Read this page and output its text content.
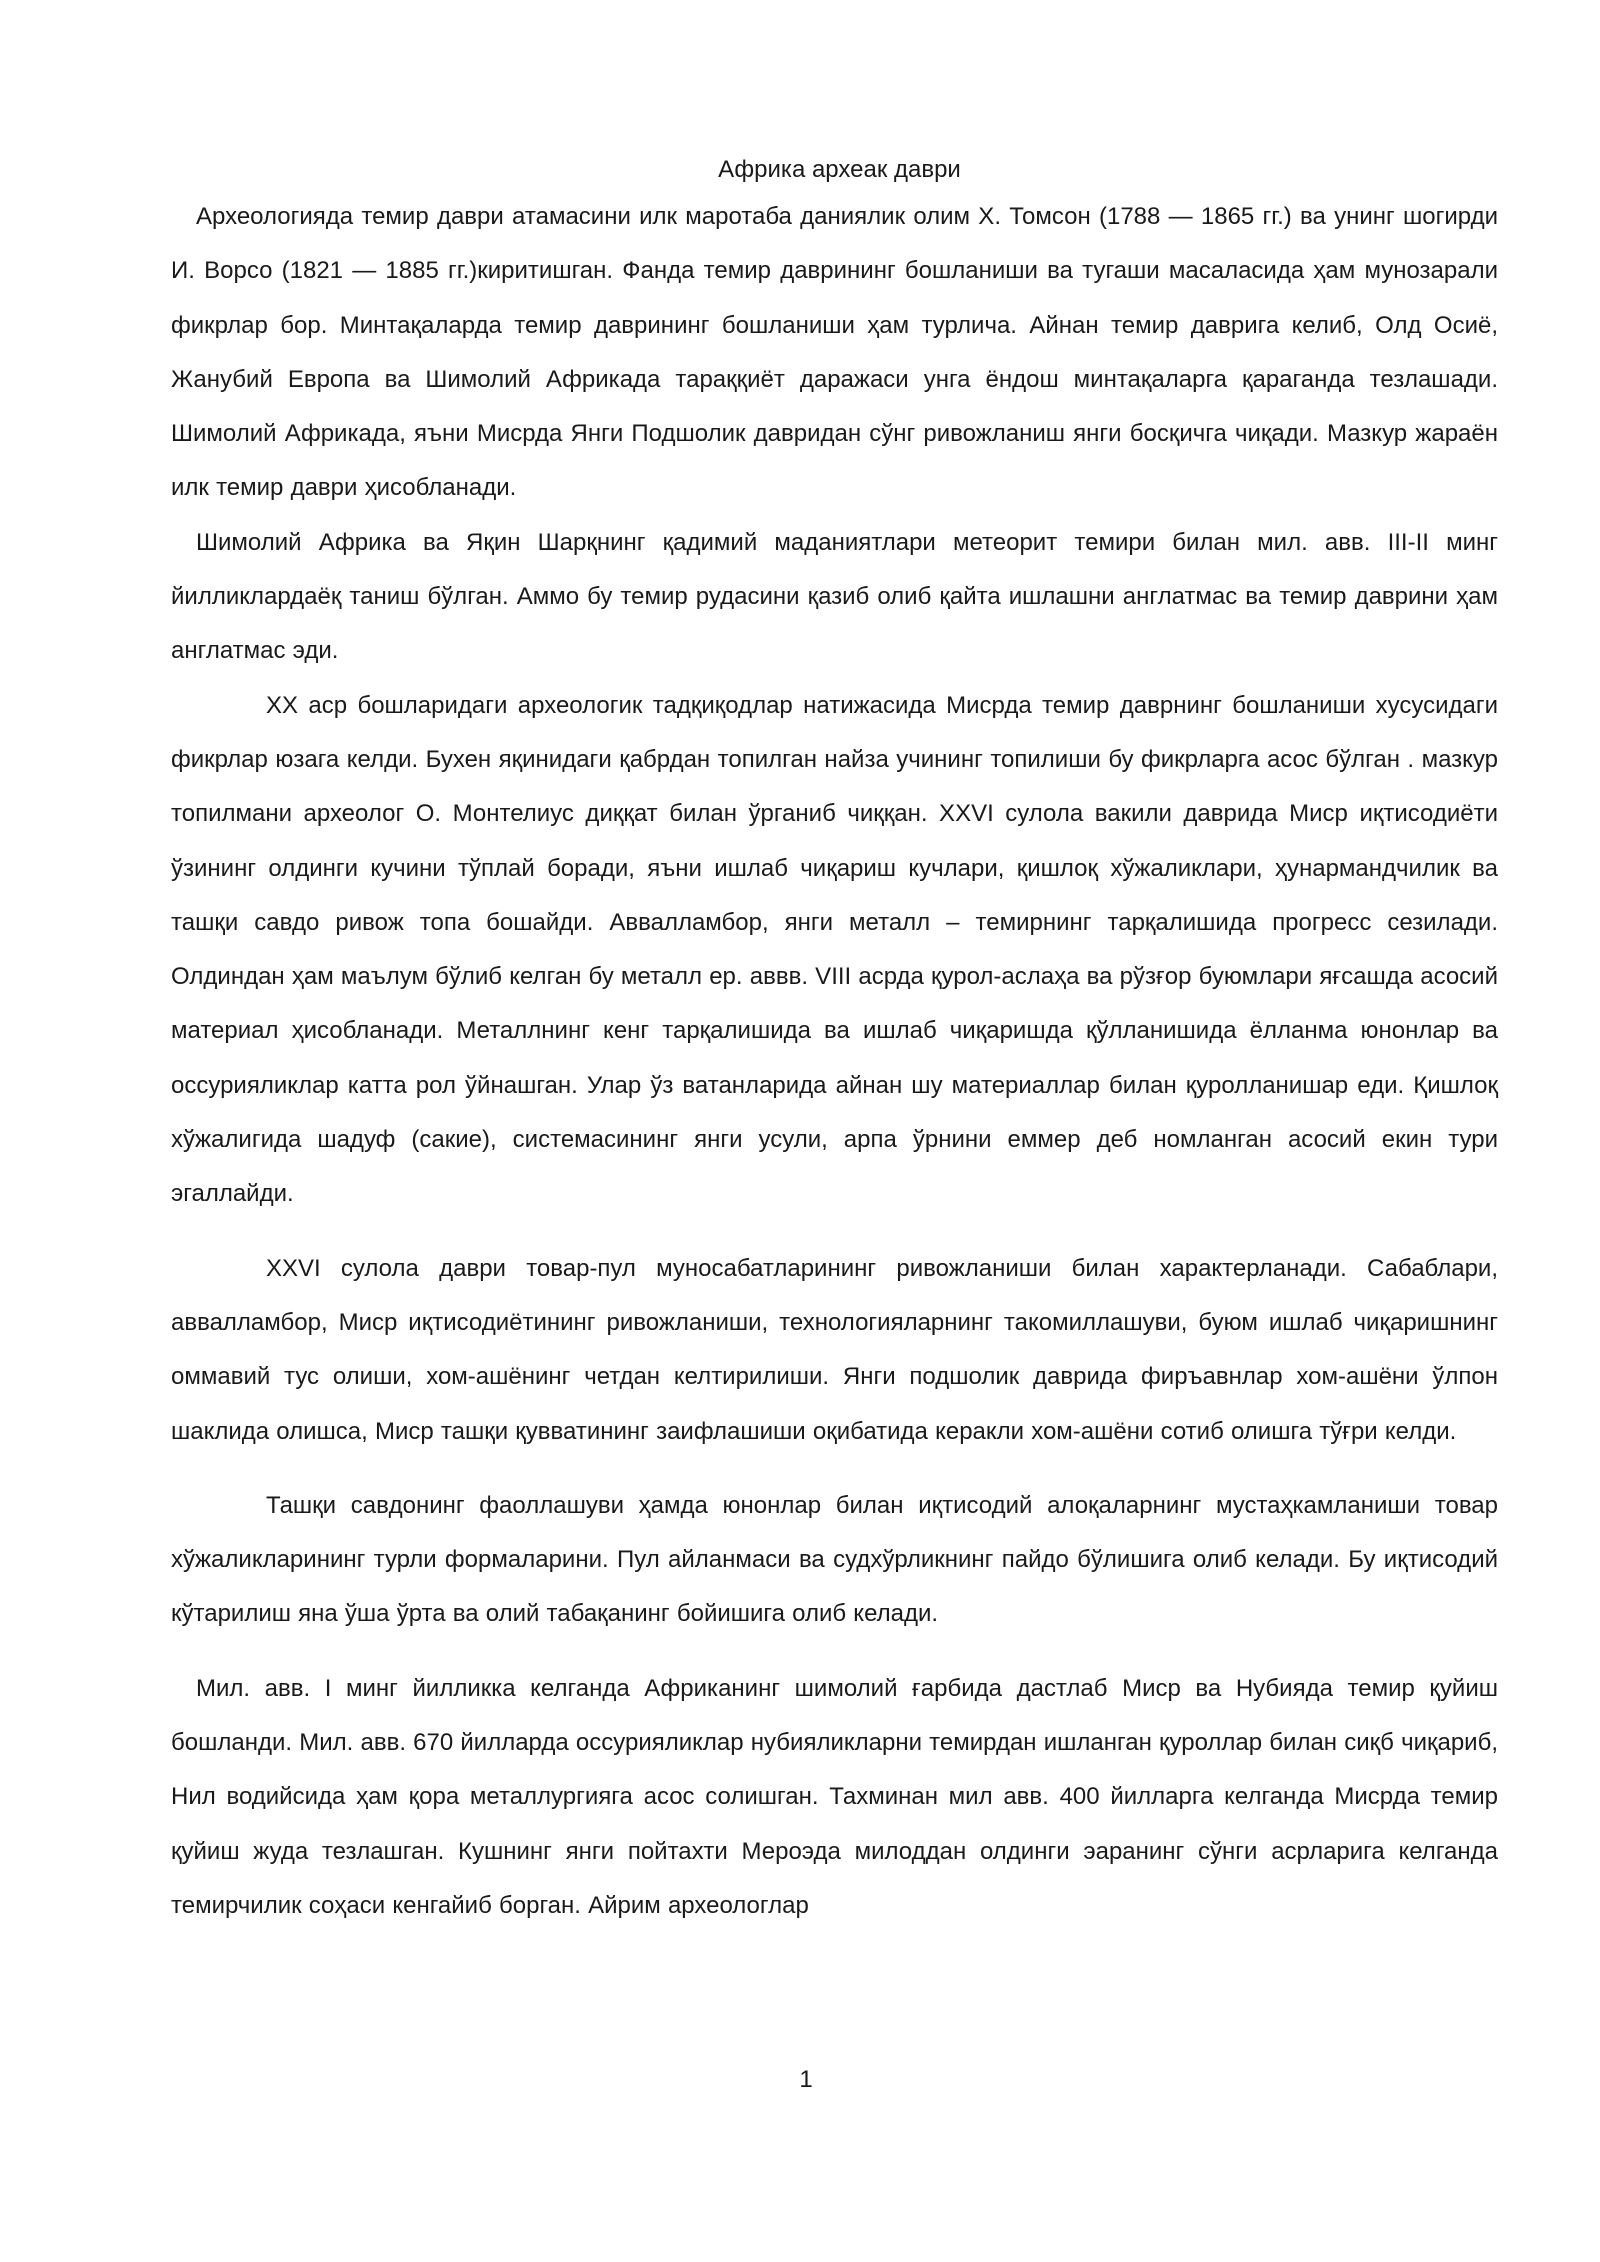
Африка археак даври

Археологияда темир даври атамасини илк маротаба даниялик олим Х. Томсон (1788 — 1865 гг.) ва унинг шогирди И. Ворсо (1821 — 1885 гг.)киритишган. Фанда темир даврининг бошланиши ва тугаши масаласида ҳам мунозарали фикрлар бор. Минтақаларда темир даврининг бошланиши ҳам турлича. Айнан темир даврига келиб, Олд Осиё, Жанубий Европа ва Шимолий Африкада тараққиёт даражаси унга ёндош минтақаларга қараганда тезлашади. Шимолий Африкада, яъни Мисрда Янги Подшолик давридан сўнг ривожланиш янги босқичга чиқади. Мазкур жараён илк темир даври ҳисобланади.

Шимолий Африка ва Яқин Шарқнинг қадимий маданиятлари метеорит темири билан мил. авв. III-II минг йилликлардаёқ таниш бўлган. Аммо бу темир рудасини қазиб олиб қайта ишлашни англатмас ва темир даврини ҳам англатмас эди.

XX аср бошларидаги археологик тадқиқодлар натижасида Мисрда темир даврнинг бошланиши хусусидаги фикрлар юзага келди. Бухен яқинидаги қабрдан топилган найза учининг топилиши бу фикрларга асос бўлган . мазкур топилмани археолог О. Монтелиус диққат билан ўрганиб чиққан. XXVI сулола вакили даврида Миср иқтисодиёти ўзининг олдинги кучини тўплай боради, яъни ишлаб чиқариш кучлари, қишлоқ хўжаликлари, ҳунармандчилик ва ташқи савдо ривож топа бошайди. Аввалламбор, янги металл – темирнинг тарқалишида прогресс сезилади. Олдиндан ҳам маълум бўлиб келган бу металл ер. аввв. VIII асрда қурол-аслаҳа ва рўзғор буюмлари яғсашда асосий материал ҳисобланади. Металлнинг кенг тарқалишида ва ишлаб чиқаришда қўлланишида ёлланма юнонлар ва оссурияликлар катта рол ўйнашган. Улар ўз ватанларида айнан шу материаллар билан қуролланишар еди. Қишлоқ хўжалигида шадуф (сакие), системасининг янги усули, арпа ўрнини еммер деб номланган асосий екин тури эгаллайди.

XXVI сулола даври товар-пул муносабатларининг ривожланиши билан характерланади. Сабаблари, аввалламбор, Миср иқтисодиётининг ривожланиши, технологияларнинг такомиллашуви, буюм ишлаб чиқаришнинг оммавий тус олиши, хом-ашёнинг четдан келтирилиши. Янги подшолик даврида фиръавнлар хом-ашёни ўлпон шаклида олишса, Миср ташқи қувватининг заифлашиши оқибатида керакли хом-ашёни сотиб олишга тўғри келди.

Ташқи савдонинг фаоллашуви ҳамда юнонлар билан иқтисодий алоқаларнинг мустаҳкамланиши товар хўжаликларининг турли формаларини. Пул айланмаси ва судхўрликнинг пайдо бўлишига олиб келади. Бу иқтисодий кўтарилиш яна ўша ўрта ва олий табақанинг бойишига олиб келади.

Мил. авв. I минг йилликка келганда Африканинг шимолий ғарбида дастлаб Миср ва Нубияда темир қуйиш бошланди. Мил. авв. 670 йилларда оссурияликлар нубияликларни темирдан ишланган қуроллар билан сиқб чиқариб, Нил водийсида ҳам қора металлургияга асос солишган. Тахминан мил авв. 400 йилларга келганда Мисрда темир қуйиш жуда тезлашган. Кушнинг янги пойтахти Мероэда милоддан олдинги эаранинг сўнги асрларига келганда темирчилик соҳаси кенгайиб борган. Айрим археологлар

1
